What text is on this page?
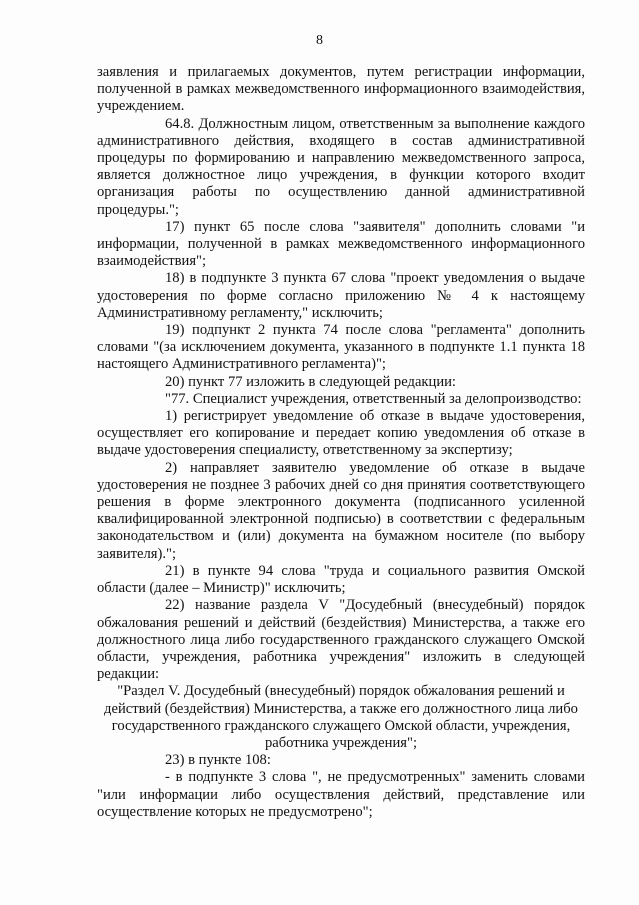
8

заявления и прилагаемых документов, путем регистрации информации, полученной в рамках межведомственного информационного взаимодействия, учреждением.

64.8. Должностным лицом, ответственным за выполнение каждого административного действия, входящего в состав административной процедуры по формированию и направлению межведомственного запроса, является должностное лицо учреждения, в функции которого входит организация работы по осуществлению данной административной процедуры.";

17) пункт 65 после слова "заявителя" дополнить словами "и информации, полученной в рамках межведомственного информационного взаимодействия";

18) в подпункте 3 пункта 67 слова "проект уведомления о выдаче удостоверения по форме согласно приложению № 4 к настоящему Административному регламенту," исключить;

19) подпункт 2 пункта 74 после слова "регламента" дополнить словами "(за исключением документа, указанного в подпункте 1.1 пункта 18 настоящего Административного регламента)";

20) пункт 77 изложить в следующей редакции:

"77. Специалист учреждения, ответственный за делопроизводство:

1) регистрирует уведомление об отказе в выдаче удостоверения, осуществляет его копирование и передает копию уведомления об отказе в выдаче удостоверения специалисту, ответственному за экспертизу;

2) направляет заявителю уведомление об отказе в выдаче удостоверения не позднее 3 рабочих дней со дня принятия соответствующего решения в форме электронного документа (подписанного усиленной квалифицированной электронной подписью) в соответствии с федеральным законодательством и (или) документа на бумажном носителе (по выбору заявителя).";

21) в пункте 94 слова "труда и социального развития Омской области (далее – Министр)" исключить;

22) название раздела V "Досудебный (внесудебный) порядок обжалования решений и действий (бездействия) Министерства, а также его должностного лица либо государственного гражданского служащего Омской области, учреждения, работника учреждения" изложить в следующей редакции:

"Раздел V. Досудебный (внесудебный) порядок обжалования решений и действий (бездействия) Министерства, а также его должностного лица либо государственного гражданского служащего Омской области, учреждения, работника учреждения";

23) в пункте 108:

- в подпункте 3 слова ", не предусмотренных" заменить словами "или информации либо осуществления действий, представление или осуществление которых не предусмотрено";
